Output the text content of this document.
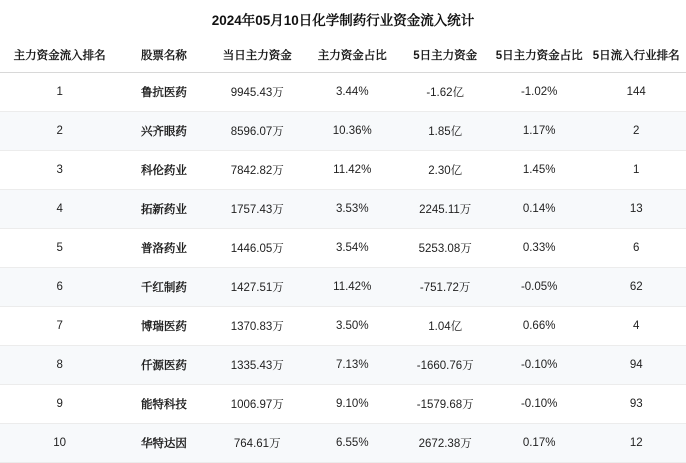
2024年05月10日化学制药行业资金流入统计
主力资金流入排名	股票名称	当日主力资金	主力资金占比	5日主力资金	5日主力资金占比	5日流入行业排名
1	鲁抗医药	9945.43万	3.44%	-1.62亿	-1.02%	144
2	兴齐眼药	8596.07万	10.36%	1.85亿	1.17%	2
3	科伦药业	7842.82万	11.42%	2.30亿	1.45%	1
4	拓新药业	1757.43万	3.53%	2245.11万	0.14%	13
5	普洛药业	1446.05万	3.54%	5253.08万	0.33%	6
6	千红制药	1427.51万	11.42%	-751.72万	-0.05%	62
7	博瑞医药	1370.83万	3.50%	1.04亿	0.66%	4
8	仟源医药	1335.43万	7.13%	-1660.76万	-0.10%	94
9	能特科技	1006.97万	9.10%	-1579.68万	-0.10%	93
10	华特达因	764.61万	6.55%	2672.38万	0.17%	12
